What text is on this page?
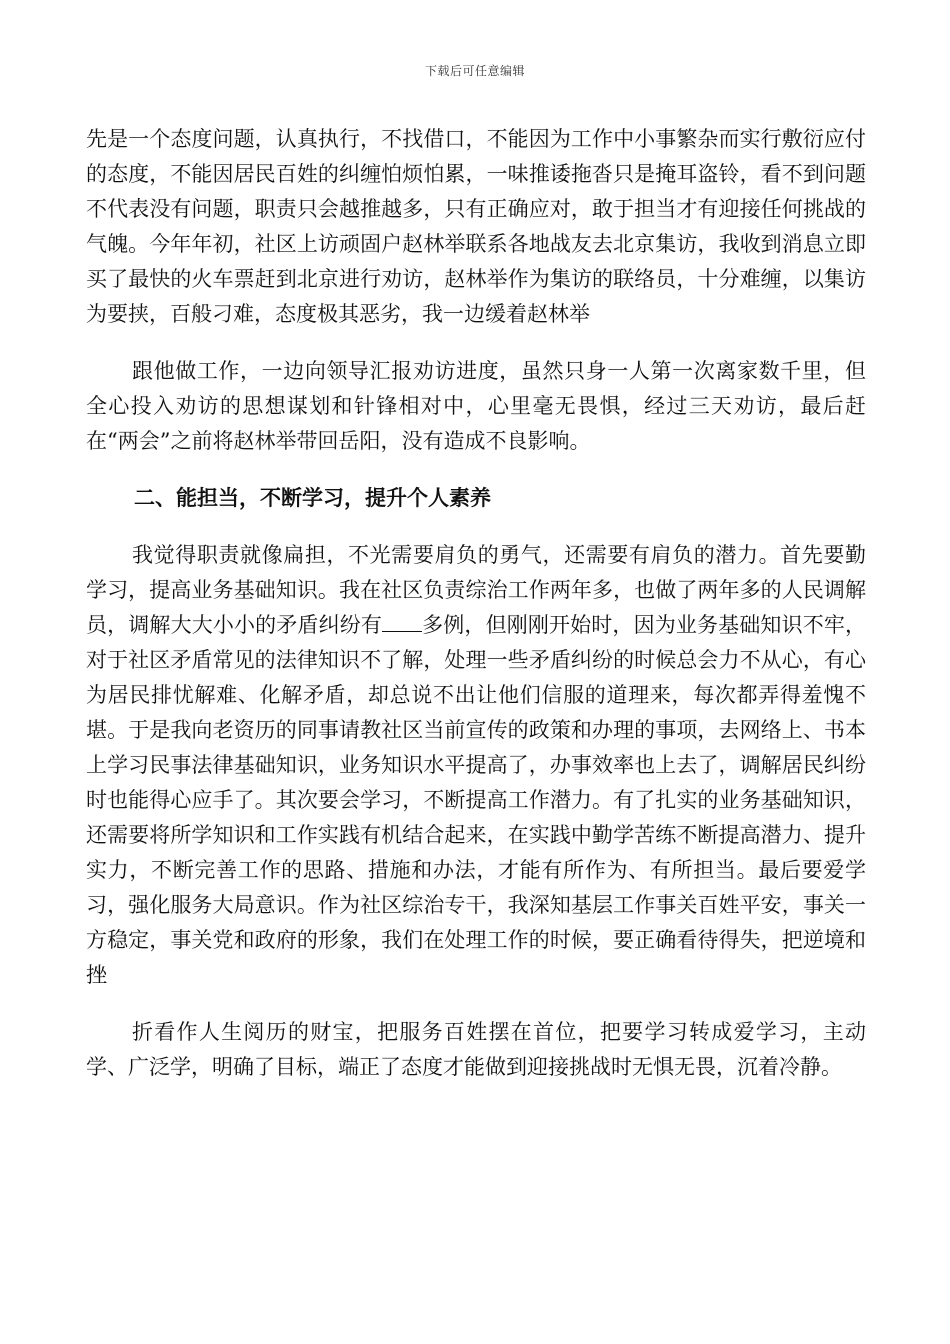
下载后可任意编辑

先是一个态度问题，认真执行，不找借口，不能因为工作中小事繁杂而实行敷衍应付的态度，不能因居民百姓的纠缠怕烦怕累，一味推诿拖沓只是掩耳盗铃，看不到问题不代表没有问题，职责只会越推越多，只有正确应对，敢于担当才有迎接任何挑战的气魄。今年年初，社区上访顽固户赵林举联系各地战友去北京集访，我收到消息立即买了最快的火车票赶到北京进行劝访，赵林举作为集访的联络员，十分难缠，以集访为要挟，百般刁难，态度极其恶劣，我一边缓着赵林举

跟他做工作，一边向领导汇报劝访进度，虽然只身一人第一次离家数千里，但全心投入劝访的思想谋划和针锋相对中，心里毫无畏惧，经过三天劝访，最后赶在“两会”之前将赵林举带回岳阳，没有造成不良影响。

二、能担当，不断学习，提升个人素养

我觉得职责就像扁担，不光需要肩负的勇气，还需要有肩负的潜力。首先要勤学习，提高业务基础知识。我在社区负责综治工作两年多，也做了两年多的人民调解员，调解大大小小的矛盾纠纷有 多例，但刚刚开始时，因为业务基础知识不牢，对于社区矛盾常见的法律知识不了解，处理一些矛盾纠纷的时候总会力不从心，有心为居民排忧解难、化解矛盾，却总说不出让他们信服的道理来，每次都弄得羞愧不堪。于是我向老资历的同事请教社区当前宣传的政策和办理的事项，去网络上、书本上学习民事法律基础知识，业务知识水平提高了，办事效率也上去了，调解居民纠纷时也能得心应手了。其次要会学习，不断提高工作潜力。有了扎实的业务基础知识，还需要将所学知识和工作实践有机结合起来，在实践中勤学苦练不断提高潜力、提升实力，不断完善工作的思路、措施和办法，才能有所作为、有所担当。最后要爱学习，强化服务大局意识。作为社区综治专干，我深知基层工作事关百姓平安，事关一方稳定，事关党和政府的形象，我们在处理工作的时候，要正确看待得失，把逆境和挫

折看作人生阅历的财宝，把服务百姓摆在首位，把要学习转成爱学习，主动学、广泛学，明确了目标，端正了态度才能做到迎接挑战时无惧无畏，沉着冷静。
